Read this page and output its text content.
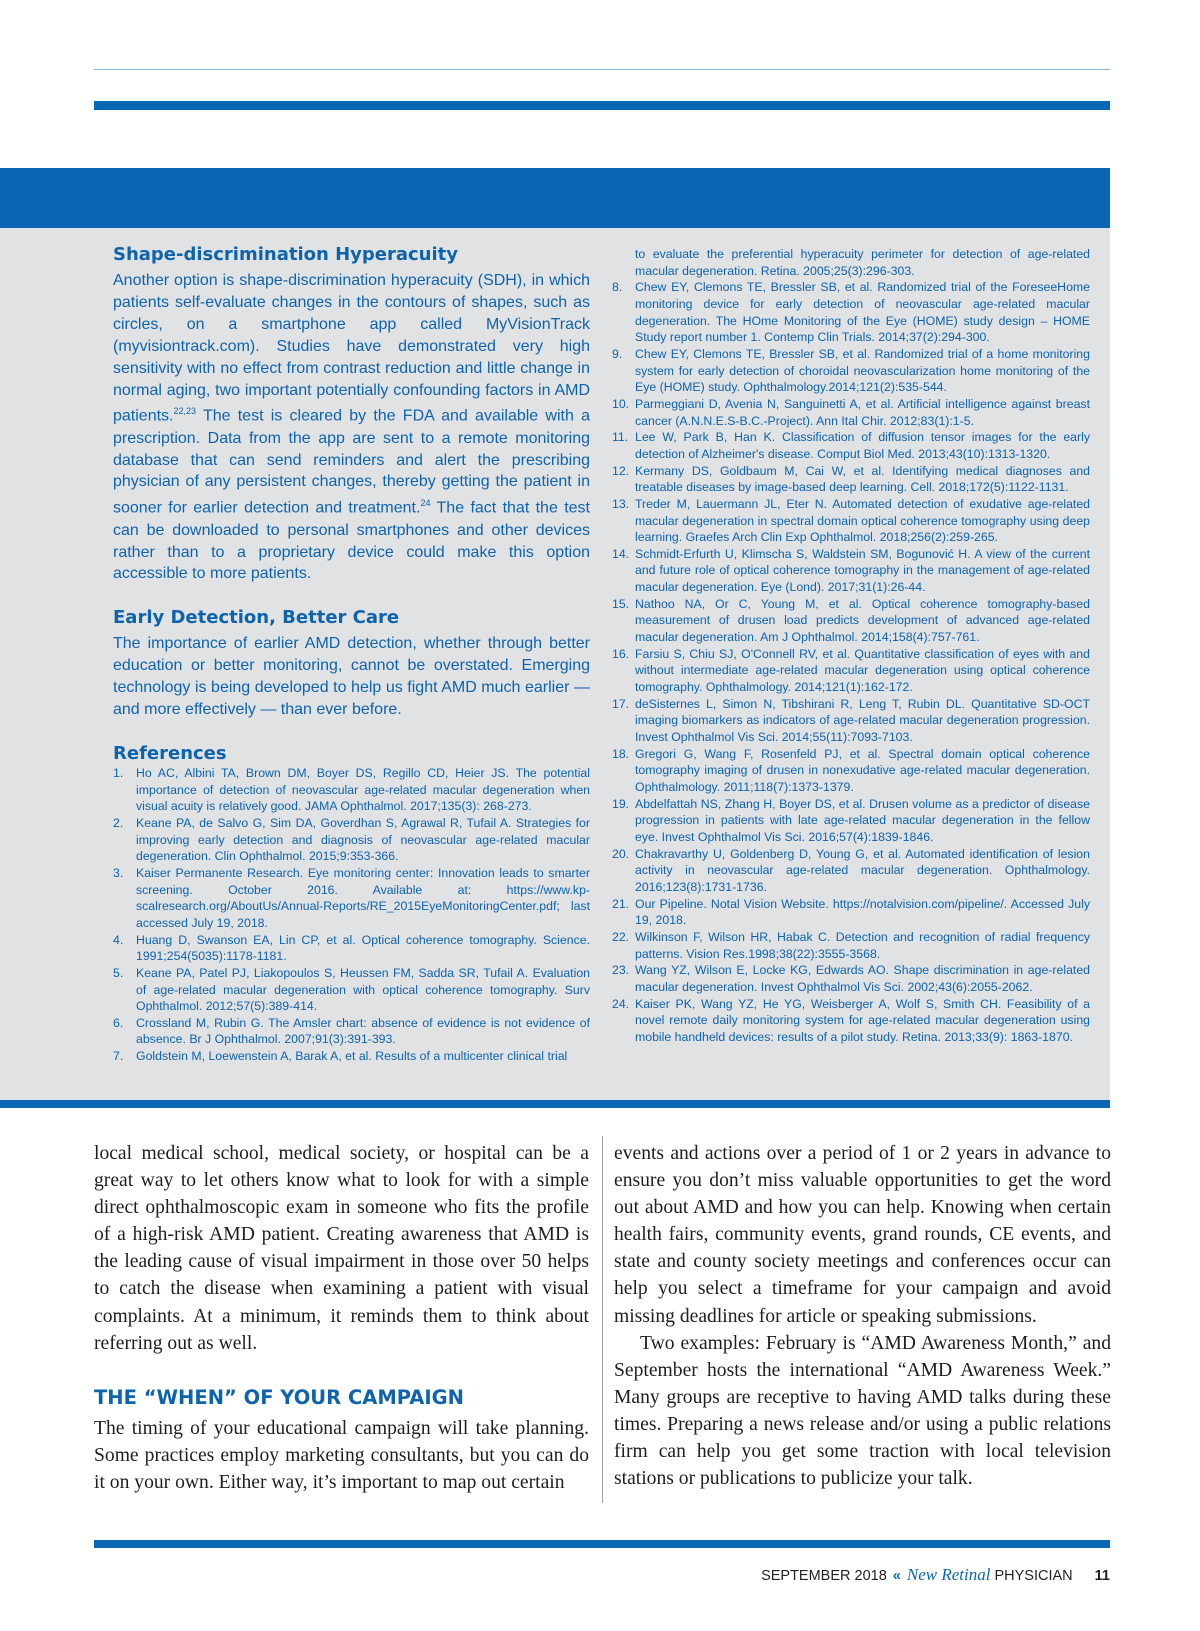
Shape-discrimination Hyperacuity

Another option is shape-discrimination hyperacuity (SDH), in which patients self-evaluate changes in the contours of shapes, such as circles, on a smartphone app called MyVisionTrack (myvisiontrack.com). Studies have demonstrated very high sensitivity with no effect from contrast reduction and little change in normal aging, two important potentially confounding factors in AMD patients.$^{22,23}$ The test is cleared by the FDA and available with a prescription. Data from the app are sent to a remote monitoring database that can send reminders and alert the prescribing physician of any persistent changes, thereby getting the patient in sooner for earlier detection and treatment.$^{24}$ The fact that the test can be downloaded to personal smartphones and other devices rather than to a proprietary device could make this option accessible to more patients.

Early Detection, Better Care

The importance of earlier AMD detection, whether through better education or better monitoring, cannot be overstated. Emerging technology is being developed to help us fight AMD much earlier — and more effectively — than ever before.

References
1.	Ho AC, Albini TA, Brown DM, Boyer DS, Regillo CD, Heier JS. The potential importance of detection of neovascular age-related macular degeneration when visual acuity is relatively good. JAMA Ophthalmol. 2017;135(3): 268-273.
2.	Keane PA, de Salvo G, Sim DA, Goverdhan S, Agrawal R, Tufail A. Strategies for improving early detection and diagnosis of neovascular age-related macular degeneration. Clin Ophthalmol. 2015;9:353-366.
3.	Kaiser Permanente Research. Eye monitoring center: Innovation leads to smarter screening. October 2016. Available at: https://www.kp-scalresearch.org/AboutUs/Annual-Reports/RE_2015EyeMonitoringCenter.pdf; last accessed July 19, 2018.
4.	Huang D, Swanson EA, Lin CP, et al. Optical coherence tomography. Science. 1991;254(5035):1178-1181.
5.	Keane PA, Patel PJ, Liakopoulos S, Heussen FM, Sadda SR, Tufail A. Evaluation of age-related macular degeneration with optical coherence tomography. Surv Ophthalmol. 2012;57(5):389-414.
6.	Crossland M, Rubin G. The Amsler chart: absence of evidence is not evidence of absence. Br J Ophthalmol. 2007;91(3):391-393.
7.	Goldstein M, Loewenstein A, Barak A, et al. Results of a multicenter clinical trial
to evaluate the preferential hyperacuity perimeter for detection of age-related macular degeneration. Retina. 2005;25(3):296-303.
8.	Chew EY, Clemons TE, Bressler SB, et al. Randomized trial of the ForeseeHome monitoring device for early detection of neovascular age-related macular degeneration. The HOme Monitoring of the Eye (HOME) study design – HOME Study report number 1. Contemp Clin Trials. 2014;37(2):294-300.
9.	Chew EY, Clemons TE, Bressler SB, et al. Randomized trial of a home monitoring system for early detection of choroidal neovascularization home monitoring of the Eye (HOME) study. Ophthalmology.2014;121(2):535-544.
10. Parmeggiani D, Avenia N, Sanguinetti A, et al. Artificial intelligence against breast cancer (A.N.N.E.S-B.C.-Project). Ann Ital Chir. 2012;83(1):1-5.
11. Lee W, Park B, Han K. Classification of diffusion tensor images for the early detection of Alzheimer's disease. Comput Biol Med. 2013;43(10):1313-1320.
12. Kermany DS, Goldbaum M, Cai W, et al. Identifying medical diagnoses and treatable diseases by image-based deep learning. Cell. 2018;172(5):1122-1131.
13. Treder M, Lauermann JL, Eter N. Automated detection of exudative age-related macular degeneration in spectral domain optical coherence tomography using deep learning. Graefes Arch Clin Exp Ophthalmol. 2018;256(2):259-265.
14. Schmidt-Erfurth U, Klimscha S, Waldstein SM, Bogunović H. A view of the current and future role of optical coherence tomography in the management of age-related macular degeneration. Eye (Lond). 2017;31(1):26-44.
15. Nathoo NA, Or C, Young M, et al. Optical coherence tomography-based measurement of drusen load predicts development of advanced age-related macular degeneration. Am J Ophthalmol. 2014;158(4):757-761.
16. Farsiu S, Chiu SJ, O'Connell RV, et al. Quantitative classification of eyes with and without intermediate age-related macular degeneration using optical coherence tomography. Ophthalmology. 2014;121(1):162-172.
17. deSisternes L, Simon N, Tibshirani R, Leng T, Rubin DL. Quantitative SD-OCT imaging biomarkers as indicators of age-related macular degeneration progression. Invest Ophthalmol Vis Sci. 2014;55(11):7093-7103.
18. Gregori G, Wang F, Rosenfeld PJ, et al. Spectral domain optical coherence tomography imaging of drusen in nonexudative age-related macular degeneration. Ophthalmology. 2011;118(7):1373-1379.
19. Abdelfattah NS, Zhang H, Boyer DS, et al. Drusen volume as a predictor of disease progression in patients with late age-related macular degeneration in the fellow eye. Invest Ophthalmol Vis Sci. 2016;57(4):1839-1846.
20. Chakravarthy U, Goldenberg D, Young G, et al. Automated identification of lesion activity in neovascular age-related macular degeneration. Ophthalmology. 2016;123(8):1731-1736.
21. Our Pipeline. Notal Vision Website. https://notalvision.com/pipeline/. Accessed July 19, 2018.
22. Wilkinson F, Wilson HR, Habak C. Detection and recognition of radial frequency patterns. Vision Res.1998;38(22):3555-3568.
23. Wang YZ, Wilson E, Locke KG, Edwards AO. Shape discrimination in age-related macular degeneration. Invest Ophthalmol Vis Sci. 2002;43(6):2055-2062.
24. Kaiser PK, Wang YZ, He YG, Weisberger A, Wolf S, Smith CH. Feasibility of a novel remote daily monitoring system for age-related macular degeneration using mobile handheld devices: results of a pilot study. Retina. 2013;33(9): 1863-1870.

local medical school, medical society, or hospital can be a great way to let others know what to look for with a simple direct ophthalmoscopic exam in someone who fits the profile of a high-risk AMD patient. Creating awareness that AMD is the leading cause of visual impairment in those over 50 helps to catch the disease when examining a patient with visual complaints. At a minimum, it reminds them to think about referring out as well.

THE “WHEN” OF YOUR CAMPAIGN

The timing of your educational campaign will take planning. Some practices employ marketing consultants, but you can do it on your own. Either way, it’s important to map out certain

events and actions over a period of 1 or 2 years in advance to ensure you don’t miss valuable opportunities to get the word out about AMD and how you can help. Knowing when certain health fairs, community events, grand rounds, CE events, and state and county society meetings and conferences occur can help you select a timeframe for your campaign and avoid missing deadlines for article or speaking submissions.

Two examples: February is “AMD Awareness Month,” and September hosts the international “AMD Awareness Week.” Many groups are receptive to having AMD talks during these times. Preparing a news release and/or using a public relations firm can help you get some traction with local television stations or publications to publicize your talk.

SEPTEMBER 2018 « New Retinal PHYSICIAN 11
